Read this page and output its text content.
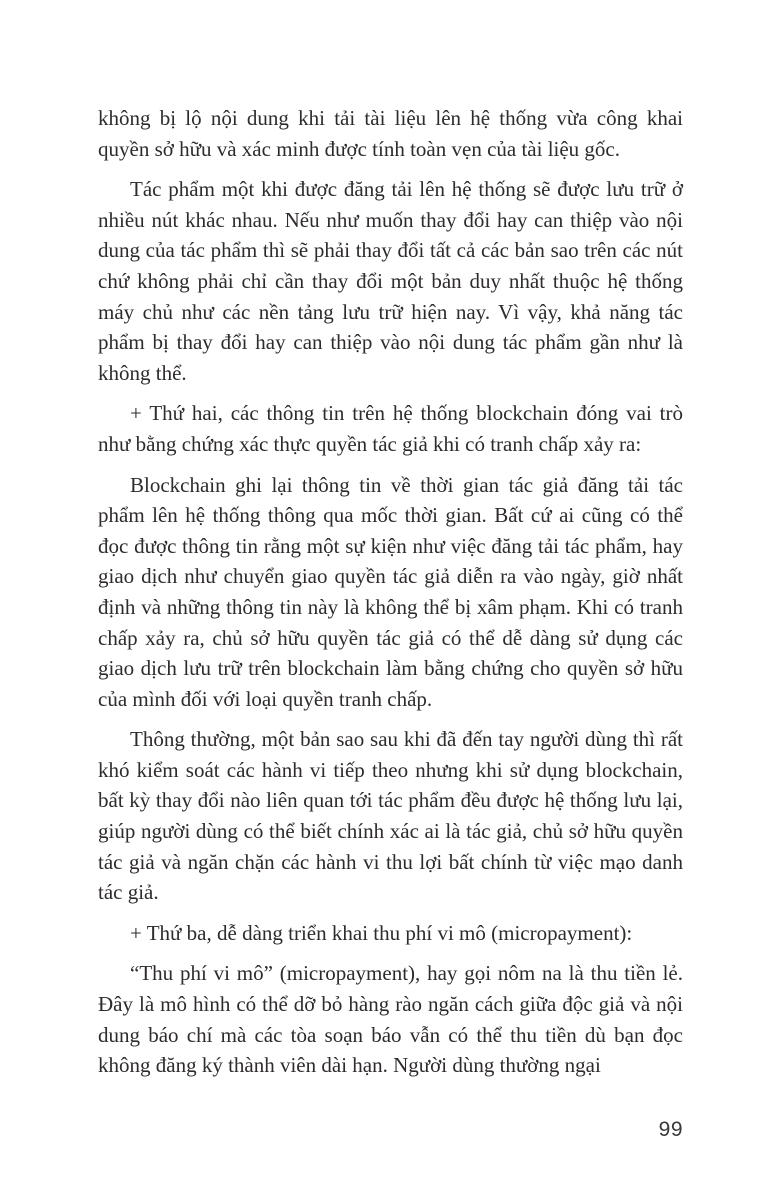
không bị lộ nội dung khi tải tài liệu lên hệ thống vừa công khai quyền sở hữu và xác minh được tính toàn vẹn của tài liệu gốc.

Tác phẩm một khi được đăng tải lên hệ thống sẽ được lưu trữ ở nhiều nút khác nhau. Nếu như muốn thay đổi hay can thiệp vào nội dung của tác phẩm thì sẽ phải thay đổi tất cả các bản sao trên các nút chứ không phải chỉ cần thay đổi một bản duy nhất thuộc hệ thống máy chủ như các nền tảng lưu trữ hiện nay. Vì vậy, khả năng tác phẩm bị thay đổi hay can thiệp vào nội dung tác phẩm gần như là không thể.

+ Thứ hai, các thông tin trên hệ thống blockchain đóng vai trò như bằng chứng xác thực quyền tác giả khi có tranh chấp xảy ra:

Blockchain ghi lại thông tin về thời gian tác giả đăng tải tác phẩm lên hệ thống thông qua mốc thời gian. Bất cứ ai cũng có thể đọc được thông tin rằng một sự kiện như việc đăng tải tác phẩm, hay giao dịch như chuyển giao quyền tác giả diễn ra vào ngày, giờ nhất định và những thông tin này là không thể bị xâm phạm. Khi có tranh chấp xảy ra, chủ sở hữu quyền tác giả có thể dễ dàng sử dụng các giao dịch lưu trữ trên blockchain làm bằng chứng cho quyền sở hữu của mình đối với loại quyền tranh chấp.

Thông thường, một bản sao sau khi đã đến tay người dùng thì rất khó kiểm soát các hành vi tiếp theo nhưng khi sử dụng blockchain, bất kỳ thay đổi nào liên quan tới tác phẩm đều được hệ thống lưu lại, giúp người dùng có thể biết chính xác ai là tác giả, chủ sở hữu quyền tác giả và ngăn chặn các hành vi thu lợi bất chính từ việc mạo danh tác giả.

+ Thứ ba, dễ dàng triển khai thu phí vi mô (micropayment):

“Thu phí vi mô” (micropayment), hay gọi nôm na là thu tiền lẻ. Đây là mô hình có thể dỡ bỏ hàng rào ngăn cách giữa độc giả và nội dung báo chí mà các tòa soạn báo vẫn có thể thu tiền dù bạn đọc không đăng ký thành viên dài hạn. Người dùng thường ngại

99
